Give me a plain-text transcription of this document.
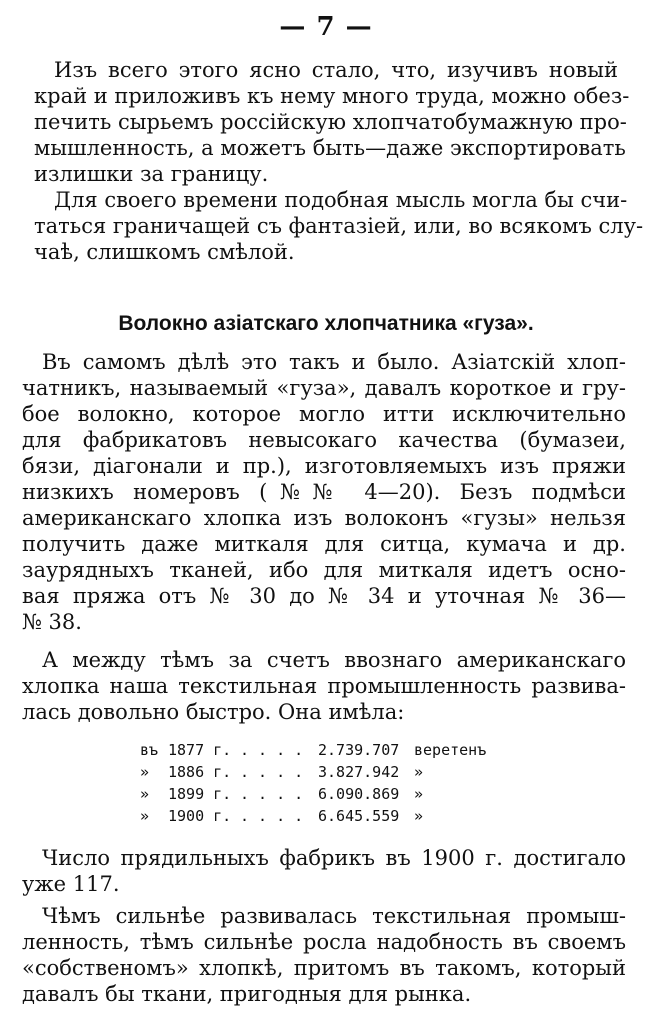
— 7 —
Изъ всего этого ясно стало, что, изучивъ новый
край и приложивъ къ нему много труда, можно обез-
печить сырьемъ россійскую хлопчатобумажную про-
мышленность, а можетъ быть—даже экспортировать
излишки за границу.
Для своего времени подобная мысль могла бы счи-
таться граничащей съ фантазіей, или, во всякомъ слу-
чаѣ, слишкомъ смѣлой.
Волокно азіатскаго хлопчатника «гуза».
Въ самомъ дѣлѣ это такъ и было. Азіатскій хлоп-
чатникъ, называемый «гуза», давалъ короткое и гру-
бое волокно, которое могло итти исключительно
для фабрикатовъ невысокаго качества (бумазеи,
бязи, діагонали и пр.), изготовляемыхъ изъ пряжи
низкихъ номеровъ (№№ 4—20). Безъ подмѣси
американскаго хлопка изъ волоконъ «гузы» нельзя
получить даже миткаля для ситца, кумача и др.
заурядныхъ тканей, ибо для миткаля идетъ осно-
вая пряжа отъ № 30 до № 34 и уточная № 36—
№ 38.
А между тѣмъ за счетъ ввознаго американскаго
хлопка наша текстильная промышленность развива-
лась довольно быстро. Она имѣла:
въ 1877 г. . . . . 2.739.707 веретенъ
»	1886 г. . . . . 3.827.942 »
»	1899 г. . . . . 6.090.869 »
»	1900 г. . . . . 6.645.559 »
Число прядильныхъ фабрикъ въ 1900 г. достигало
уже 117.
Чѣмъ сильнѣе развивалась текстильная промыш-
ленность, тѣмъ сильнѣе росла надобность въ своемъ
«собственомъ» хлопкѣ, притомъ въ такомъ, который
давалъ бы ткани, пригодныя для рынка.
